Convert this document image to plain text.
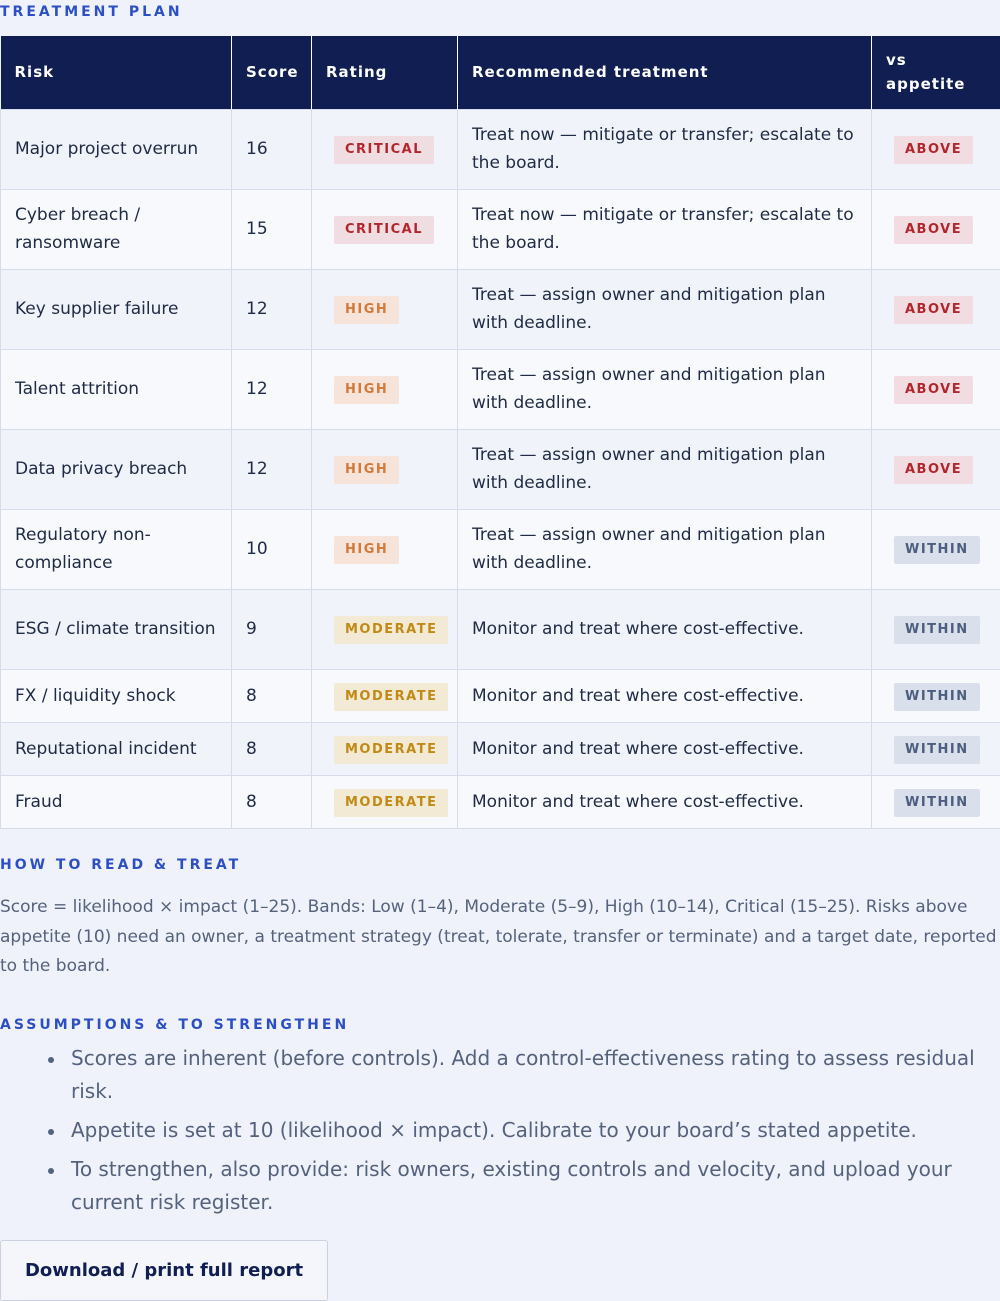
TREATMENT PLAN
Risk	Score	Rating	Recommended treatment	vs appetite
Major project overrun	16	CRITICAL	Treat now — mitigate or transfer; escalate to the board.	ABOVE
Cyber breach / ransomware	15	CRITICAL	Treat now — mitigate or transfer; escalate to the board.	ABOVE
Key supplier failure	12	HIGH	Treat — assign owner and mitigation plan with deadline.	ABOVE
Talent attrition	12	HIGH	Treat — assign owner and mitigation plan with deadline.	ABOVE
Data privacy breach	12	HIGH	Treat — assign owner and mitigation plan with deadline.	ABOVE
Regulatory non-compliance	10	HIGH	Treat — assign owner and mitigation plan with deadline.	WITHIN
ESG / climate transition	9	MODERATE	Monitor and treat where cost-effective.	WITHIN
FX / liquidity shock	8	MODERATE	Monitor and treat where cost-effective.	WITHIN
Reputational incident	8	MODERATE	Monitor and treat where cost-effective.	WITHIN
Fraud	8	MODERATE	Monitor and treat where cost-effective.	WITHIN
HOW TO READ & TREAT

Score = likelihood × impact (1–25). Bands: Low (1–4), Moderate (5–9), High (10–14), Critical (15–25). Risks above appetite (10) need an owner, a treatment strategy (treat, tolerate, transfer or terminate) and a target date, reported to the board.

ASSUMPTIONS & TO STRENGTHEN
Scores are inherent (before controls). Add a control-effectiveness rating to assess residual risk.
Appetite is set at 10 (likelihood × impact). Calibrate to your board’s stated appetite.
To strengthen, also provide: risk owners, existing controls and velocity, and upload your current risk register.
Download / print full report
